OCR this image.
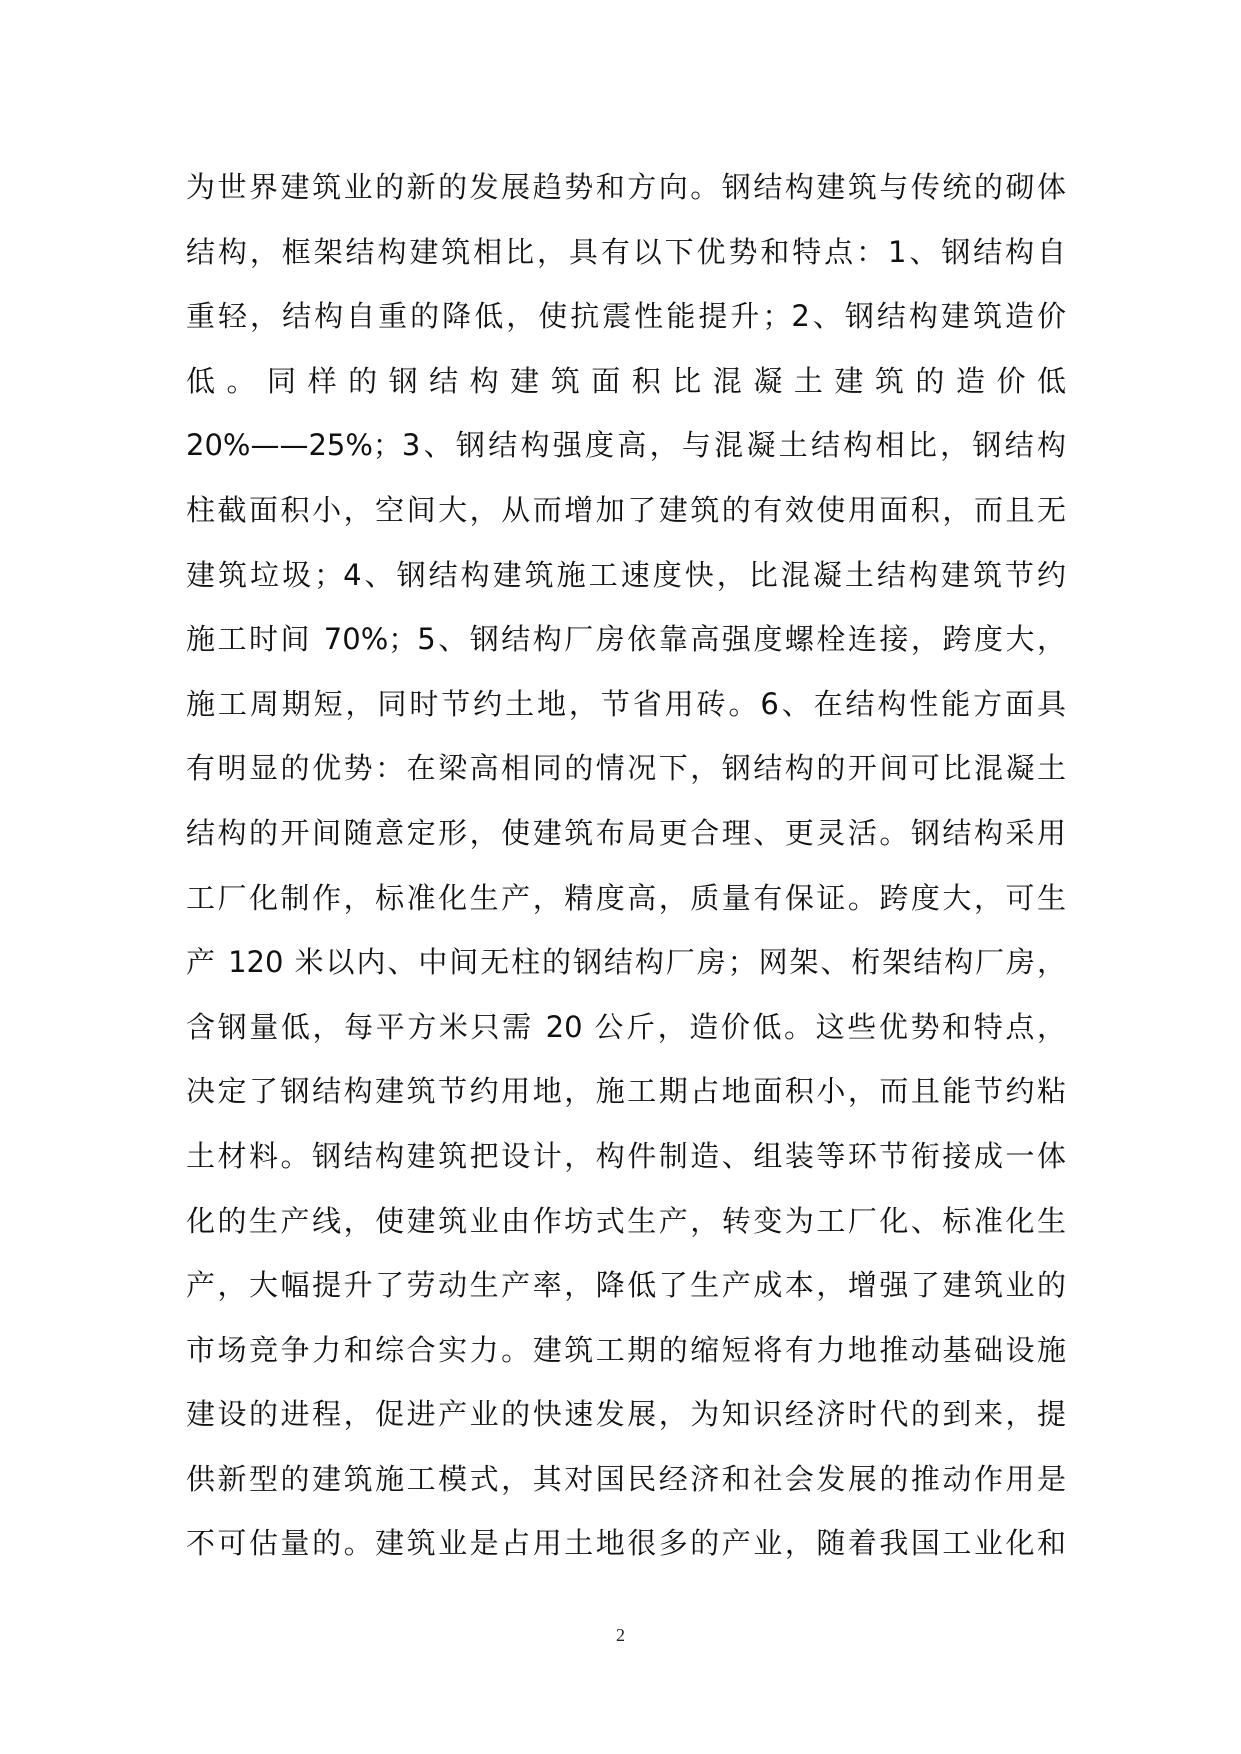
为世界建筑业的新的发展趋势和方向。钢结构建筑与传统的砌体
结构，框架结构建筑相比，具有以下优势和特点：1、钢结构自
重轻，结构自重的降低，使抗震性能提升；2、钢结构建筑造价
低。同样的钢结构建筑面积比混凝土建筑的造价低
20%——25%；3、钢结构强度高，与混凝土结构相比，钢结构
柱截面积小，空间大，从而增加了建筑的有效使用面积，而且无
建筑垃圾；4、钢结构建筑施工速度快，比混凝土结构建筑节约
施工时间 70%；5、钢结构厂房依靠高强度螺栓连接，跨度大，
施工周期短，同时节约土地，节省用砖。6、在结构性能方面具
有明显的优势：在梁高相同的情况下，钢结构的开间可比混凝土
结构的开间随意定形，使建筑布局更合理、更灵活。钢结构采用
工厂化制作，标准化生产，精度高，质量有保证。跨度大，可生
产 120 米以内、中间无柱的钢结构厂房；网架、桁架结构厂房，
含钢量低，每平方米只需 20 公斤，造价低。这些优势和特点，
决定了钢结构建筑节约用地，施工期占地面积小，而且能节约粘
土材料。钢结构建筑把设计，构件制造、组装等环节衔接成一体
化的生产线，使建筑业由作坊式生产，转变为工厂化、标准化生
产，大幅提升了劳动生产率，降低了生产成本，增强了建筑业的
市场竞争力和综合实力。建筑工期的缩短将有力地推动基础设施
建设的进程，促进产业的快速发展，为知识经济时代的到来，提
供新型的建筑施工模式，其对国民经济和社会发展的推动作用是
不可估量的。建筑业是占用土地很多的产业，随着我国工业化和
2
